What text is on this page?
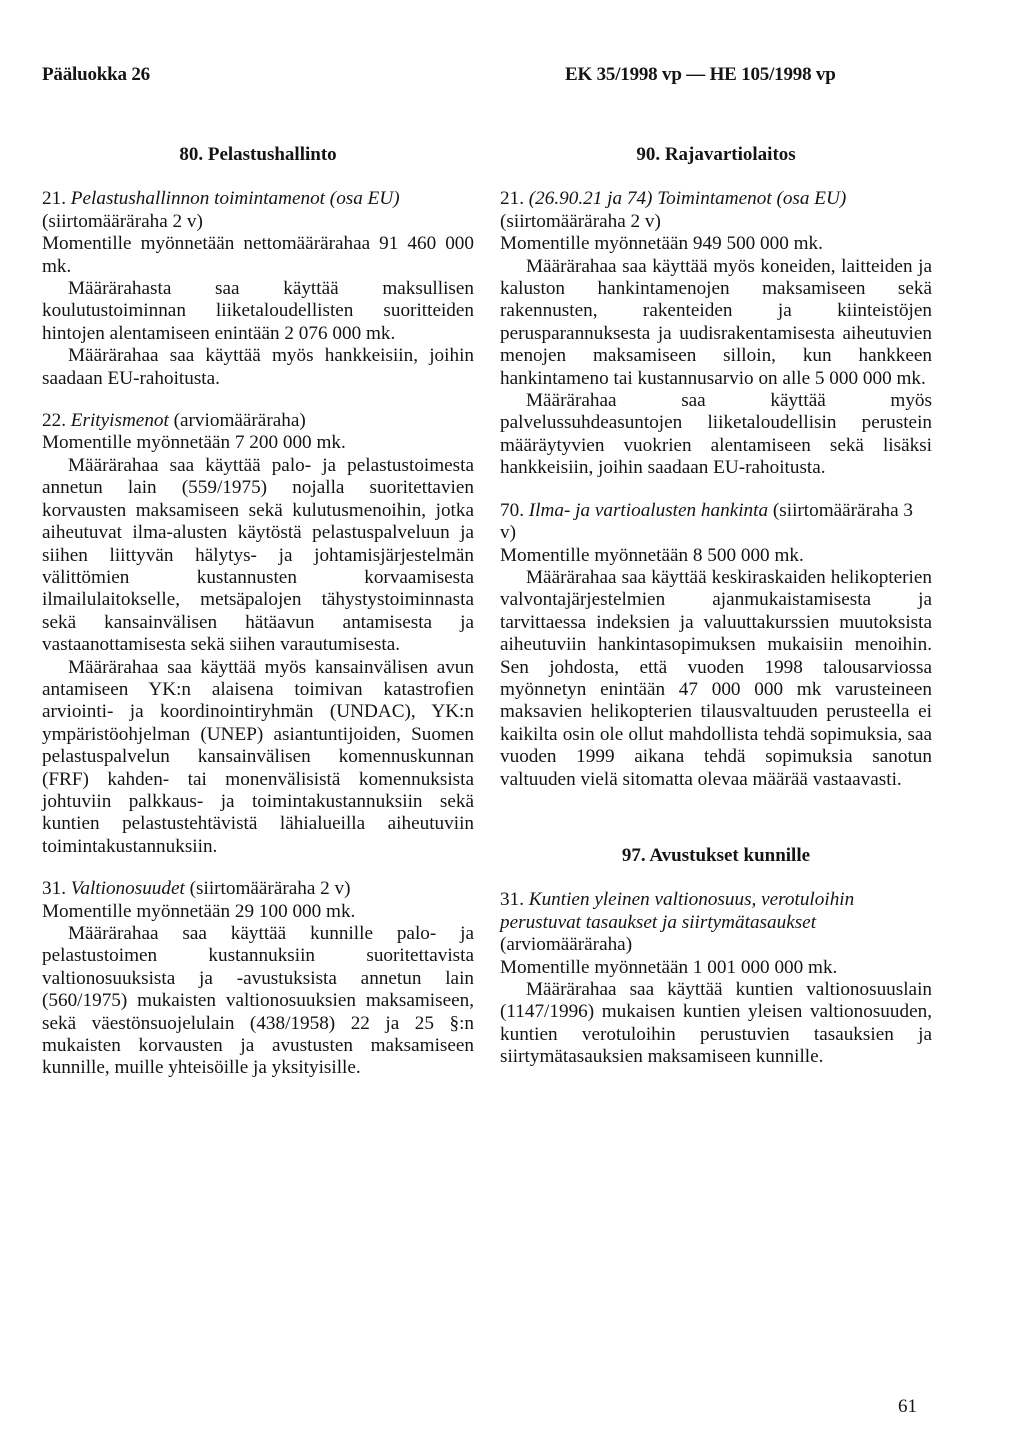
Pääluokka 26	EK 35/1998 vp — HE 105/1998 vp
80. Pelastushallinto

21. Pelastushallinnon toimintamenot (osa EU)
(siirtomääräraha 2 v)

Momentille myönnetään nettomäärärahaa 91 460 000 mk.

Määrärahasta saa käyttää maksullisen koulutustoiminnan liiketaloudellisten suoritteiden hintojen alentamiseen enintään 2 076 000 mk.

Määrärahaa saa käyttää myös hankkeisiin, joihin saadaan EU-rahoitusta.

22. Erityismenot (arviomääräraha)

Momentille myönnetään 7 200 000 mk.

Määrärahaa saa käyttää palo- ja pelastustoimesta annetun lain (559/1975) nojalla suoritettavien korvausten maksamiseen sekä kulutusmenoihin, jotka aiheutuvat ilma-alusten käytöstä pelastuspalveluun ja siihen liittyvän hälytys- ja johtamisjärjestelmän välittömien kustannusten korvaamisesta ilmailulaitokselle, metsäpalojen tähystystoiminnasta sekä kansainvälisen hätäavun antamisesta ja vastaanottamisesta sekä siihen varautumisesta.

Määrärahaa saa käyttää myös kansainvälisen avun antamiseen YK:n alaisena toimivan katastrofien arviointi- ja koordinointiryhmän (UNDAC), YK:n ympäristöohjelman (UNEP) asiantuntijoiden, Suomen pelastuspalvelun kansainvälisen komennuskunnan (FRF) kahden- tai monenvälisistä komennuksista johtuviin palkkaus- ja toimintakustannuksiin sekä kuntien pelastustehtävistä lähialueilla aiheutuviin toimintakustannuksiin.

31. Valtionosuudet (siirtomääräraha 2 v)

Momentille myönnetään 29 100 000 mk.

Määrärahaa saa käyttää kunnille palo- ja pelastustoimen kustannuksiin suoritettavista valtionosuuksista ja -avustuksista annetun lain (560/1975) mukaisten valtionosuuksien maksamiseen, sekä väestönsuojelulain (438/1958) 22 ja 25 §:n mukaisten korvausten ja avustusten maksamiseen kunnille, muille yhteisöille ja yksityisille.

90. Rajavartiolaitos

21. (26.90.21 ja 74) Toimintamenot (osa EU)
(siirtomääräraha 2 v)

Momentille myönnetään 949 500 000 mk.

Määrärahaa saa käyttää myös koneiden, laitteiden ja kaluston hankintamenojen maksamiseen sekä rakennusten, rakenteiden ja kiinteistöjen perusparannuksesta ja uudisrakentamisesta aiheutuvien menojen maksamiseen silloin, kun hankkeen hankintameno tai kustannusarvio on alle 5 000 000 mk.

Määrärahaa saa käyttää myös palvelussuhdeasuntojen liiketaloudellisin perustein määräytyvien vuokrien alentamiseen sekä lisäksi hankkeisiin, joihin saadaan EU-rahoitusta.

70. Ilma- ja vartioalusten hankinta (siirtomääräraha 3 v)

Momentille myönnetään 8 500 000 mk.

Määrärahaa saa käyttää keskiraskaiden helikopterien valvontajärjestelmien ajanmukaistamisesta ja tarvittaessa indeksien ja valuuttakurssien muutoksista aiheutuviin hankintasopimuksen mukaisiin menoihin. Sen johdosta, että vuoden 1998 talousarviossa myönnetyn enintään 47 000 000 mk varusteineen maksavien helikopterien tilausvaltuuden perusteella ei kaikilta osin ole ollut mahdollista tehdä sopimuksia, saa vuoden 1999 aikana tehdä sopimuksia sanotun valtuuden vielä sitomatta olevaa määrää vastaavasti.

97. Avustukset kunnille

31. Kuntien yleinen valtionosuus, verotuloihin perustuvat tasaukset ja siirtymätasaukset (arviomääräraha)

Momentille myönnetään 1 001 000 000 mk.

Määrärahaa saa käyttää kuntien valtionosuuslain (1147/1996) mukaisen kuntien yleisen valtionosuuden, kuntien verotuloihin perustuvien tasauksien ja siirtymätasauksien maksamiseen kunnille.

61
